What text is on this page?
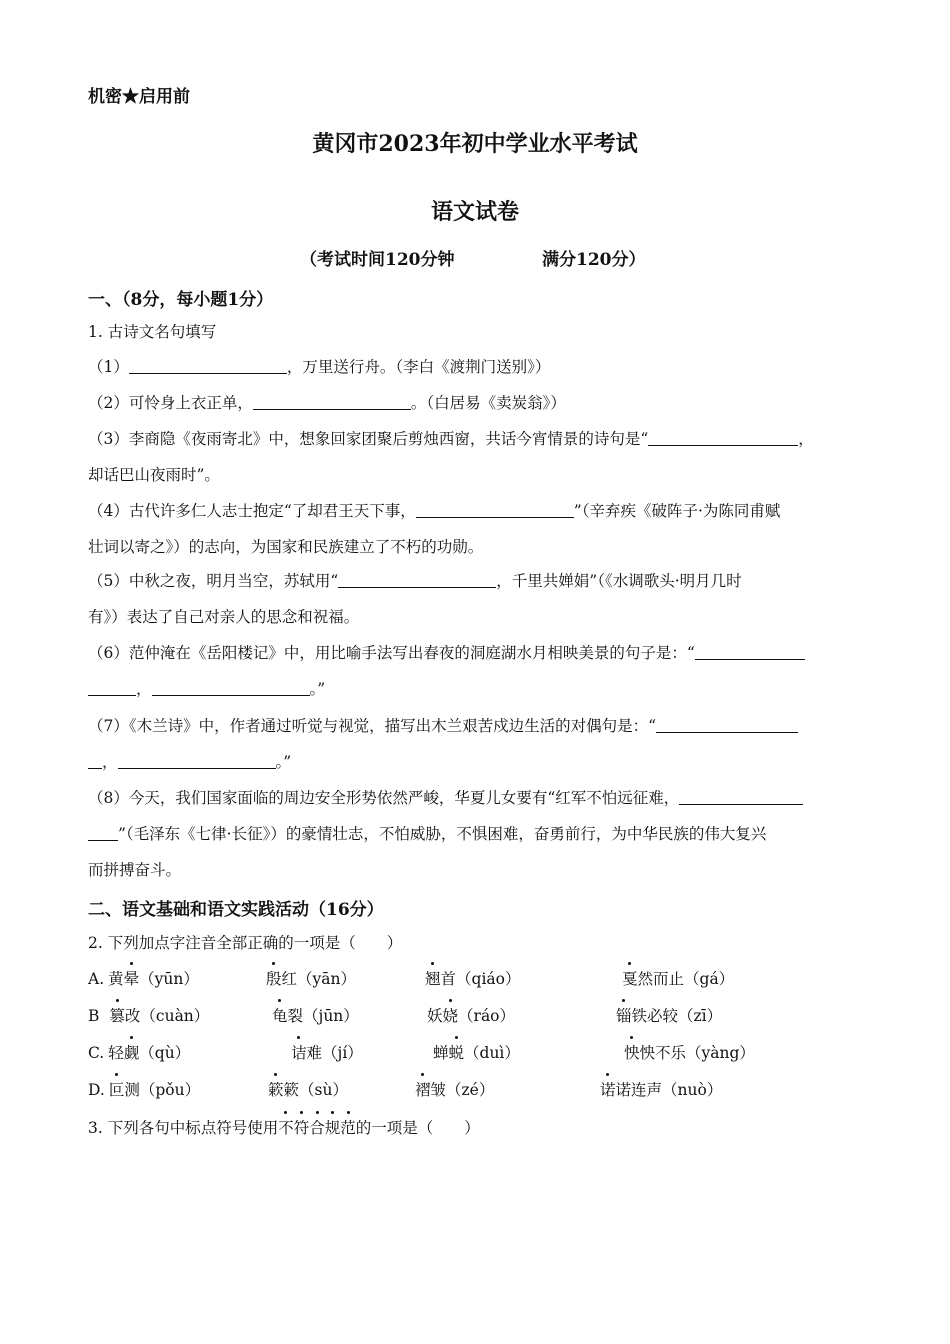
机密★启用前
黄冈市2023年初中学业水平考试
语文试卷
（考试时间120分钟	满分120分）
一、（8分，每小题1分）
1. 古诗文名句填写
（1）	，万里送行舟。（李白《渡荆门送别》）
（2）可怜身上衣正单，	。（白居易《卖炭翁》）
（3）李商隐《夜雨寄北》中，想象回家团聚后剪烛西窗，共话今宵情景的诗句是“	，
却话巴山夜雨时”。
（4）古代许多仁人志士抱定“了却君王天下事，	”（辛弃疾《破阵子·为陈同甫赋
壮词以寄之》）的志向，为国家和民族建立了不朽的功勋。
（5）中秋之夜，明月当空，苏轼用“	，千里共婵娟”（《水调歌头·明月几时
有》）表达了自己对亲人的思念和祝福。
（6）范仲淹在《岳阳楼记》中，用比喻手法写出春夜的洞庭湖水月相映美景的句子是：“
，	。”
（7）《木兰诗》中，作者通过听觉与视觉，描写出木兰艰苦戍边生活的对偶句是：“
，	。”
（8）今天，我们国家面临的周边安全形势依然严峻，华夏儿女要有“红军不怕远征难，
”（毛泽东《七律·长征》）的豪情壮志，不怕威胁，不惧困难，奋勇前行，为中华民族的伟大复兴
而拼搏奋斗。
二、语文基础和语文实践活动（16分）
2. 下列加点字注音全部正确的一项是（　　）
A. 黄晕（yūn）	殷红（yān）	翘首（qiáo）	戛然而止（gá）
B 篡改（cuàn）	龟裂（jūn）	妖娆（ráo）	锱铁必较（zī）
C. 轻觑（qù）	诘难（jí）	蝉蜕（duì）	怏怏不乐（yàng）
D. 叵测（pǒu）	簌簌（sù）	褶皱（zé）	诺诺连声（nuò）
3. 下列各句中标点符号使用不符合规范的一项是（　　）
